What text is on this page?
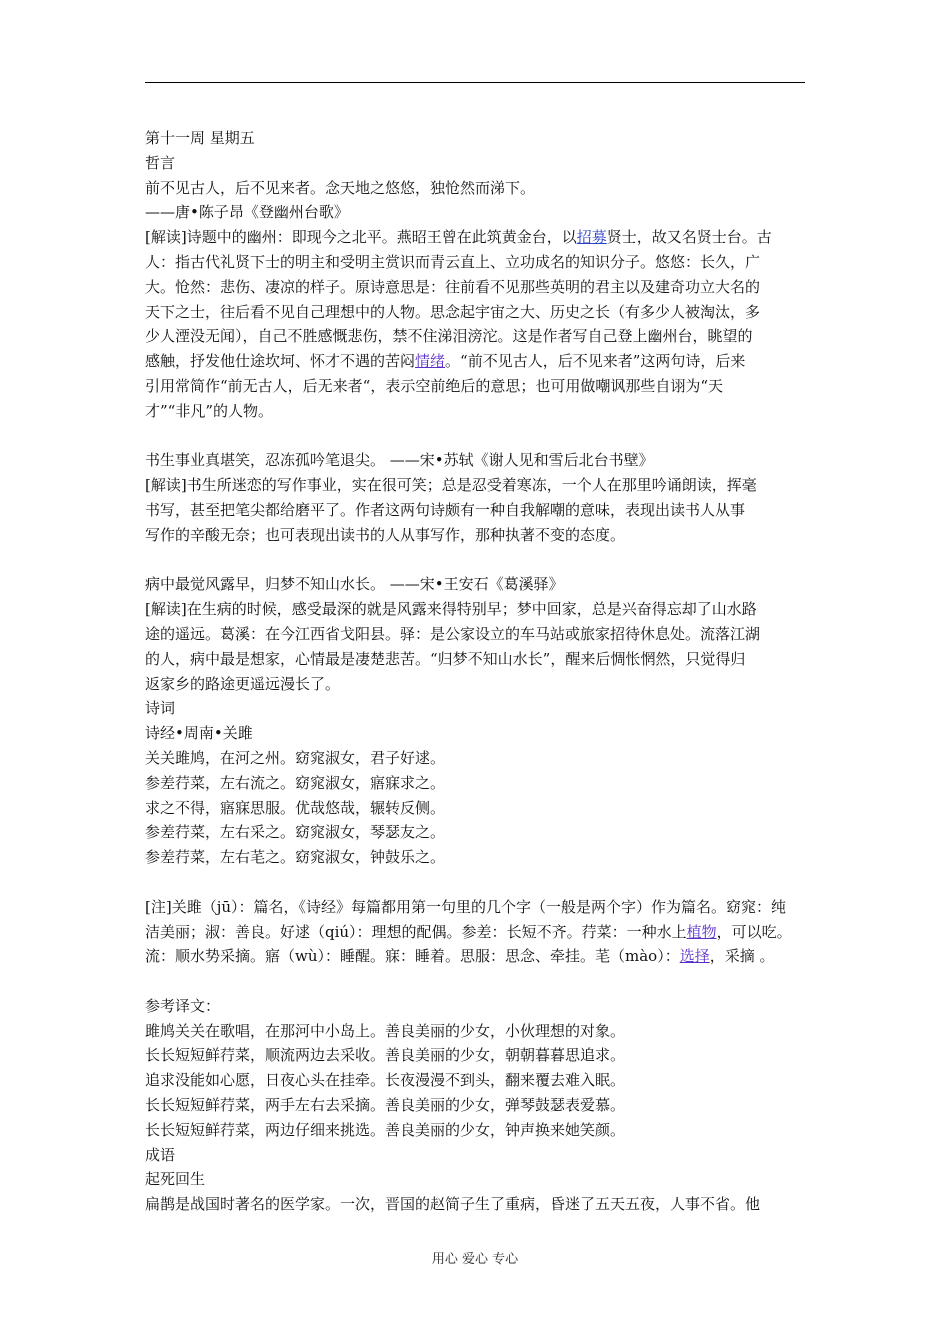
第十一周 星期五
哲言
前不见古人，后不见来者。念天地之悠悠，独怆然而涕下。
——唐•陈子昂《登幽州台歌》
[解读]诗题中的幽州：即现今之北平。燕昭王曾在此筑黄金台，以招募贤士，故又名贤士台。古
人：指古代礼贤下士的明主和受明主赏识而青云直上、立功成名的知识分子。悠悠：长久，广
大。怆然：悲伤、凄凉的样子。原诗意思是：往前看不见那些英明的君主以及建奇功立大名的
天下之士，往后看不见自己理想中的人物。思念起宇宙之大、历史之长（有多少人被淘汰，多
少人湮没无闻），自己不胜感慨悲伤，禁不住涕泪滂沱。这是作者写自己登上幽州台，眺望的
感触，抒发他仕途坎坷、怀才不遇的苦闷情绪。“前不见古人，后不见来者”这两句诗，后来
引用常简作“前无古人，后无来者“，表示空前绝后的意思；也可用做嘲讽那些自诩为“天
才”“非凡”的人物。
书生事业真堪笑，忍冻孤吟笔退尖。 ——宋•苏轼《谢人见和雪后北台书壁》
[解读]书生所迷恋的写作事业，实在很可笑；总是忍受着寒冻，一个人在那里吟诵朗读，挥毫
书写，甚至把笔尖都给磨平了。作者这两句诗颇有一种自我解嘲的意味，表现出读书人从事
写作的辛酸无奈；也可表现出读书的人从事写作，那种执著不变的态度。
病中最觉风露早，归梦不知山水长。 ——宋•王安石《葛溪驿》
[解读]在生病的时候，感受最深的就是风露来得特别早；梦中回家，总是兴奋得忘却了山水路
途的遥远。葛溪：在今江西省戈阳县。驿：是公家设立的车马站或旅家招待休息处。流落江湖
的人，病中最是想家，心情最是凄楚悲苦。“归梦不知山水长”，醒来后惆怅惘然，只觉得归
返家乡的路途更遥远漫长了。
诗词
诗经•周南•关雎
关关雎鸠，在河之州。窈窕淑女，君子好逑。
参差荇菜，左右流之。窈窕淑女，寤寐求之。
求之不得，寤寐思服。优哉悠哉，辗转反侧。
参差荇菜，左右采之。窈窕淑女，琴瑟友之。
参差荇菜，左右芼之。窈窕淑女，钟鼓乐之。
[注]关雎（jū）：篇名，《诗经》每篇都用第一句里的几个字（一般是两个字）作为篇名。窈窕：纯
洁美丽；淑：善良。好逑（qiú）：理想的配偶。参差：长短不齐。荇菜：一种水上植物，可以吃。
流：顺水势采摘。寤（wù）：睡醒。寐：睡着。思服：思念、牵挂。芼（mào）：选择，采摘 。
参考译文：
雎鸠关关在歌唱，在那河中小岛上。善良美丽的少女，小伙理想的对象。
长长短短鲜荇菜，顺流两边去采收。善良美丽的少女，朝朝暮暮思追求。
追求没能如心愿，日夜心头在挂牵。长夜漫漫不到头，翻来覆去难入眠。
长长短短鲜荇菜，两手左右去采摘。善良美丽的少女，弹琴鼓瑟表爱慕。
长长短短鲜荇菜，两边仔细来挑选。善良美丽的少女，钟声换来她笑颜。
成语
起死回生
扁鹊是战国时著名的医学家。一次，晋国的赵简子生了重病，昏迷了五天五夜，人事不省。他
用心 爱心 专心
